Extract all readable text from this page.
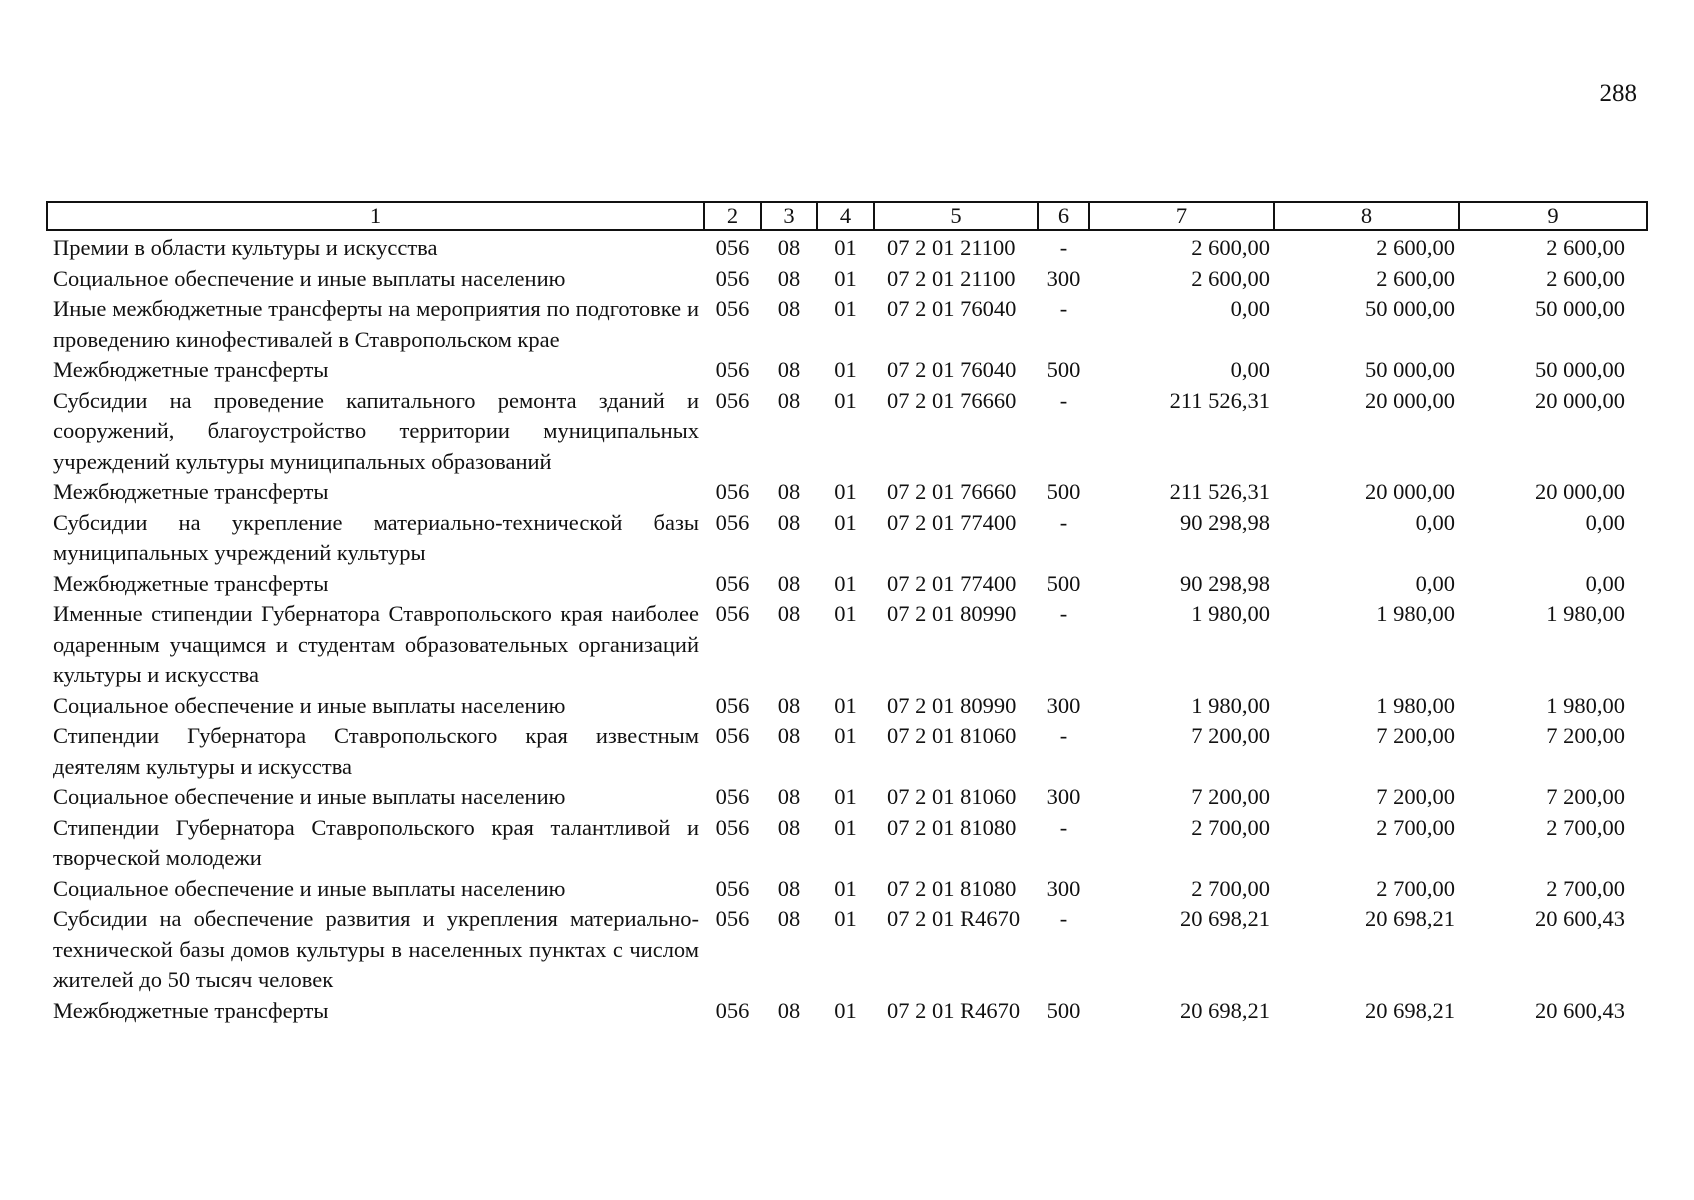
288
1	2	3	4	5	6	7	8	9
Премии в области культуры и искусства	056	08	01	07 2 01 21100	-	2 600,00	2 600,00	2 600,00
Социальное обеспечение и иные выплаты населению	056	08	01	07 2 01 21100	300	2 600,00	2 600,00	2 600,00
Иные межбюджетные трансферты на мероприятия по подготовке и проведению кинофестивалей в Ставропольском крае	056	08	01	07 2 01 76040	-	0,00	50 000,00	50 000,00
Межбюджетные трансферты	056	08	01	07 2 01 76040	500	0,00	50 000,00	50 000,00
Субсидии на проведение капитального ремонта зданий и сооружений, благоустройство территории муниципальных учреждений культуры муниципальных образований	056	08	01	07 2 01 76660	-	211 526,31	20 000,00	20 000,00
Межбюджетные трансферты	056	08	01	07 2 01 76660	500	211 526,31	20 000,00	20 000,00
Субсидии на укрепление материально-технической базы муниципальных учреждений культуры	056	08	01	07 2 01 77400	-	90 298,98	0,00	0,00
Межбюджетные трансферты	056	08	01	07 2 01 77400	500	90 298,98	0,00	0,00
Именные стипендии Губернатора Ставропольского края наиболее одаренным учащимся и студентам образовательных организаций культуры и искусства	056	08	01	07 2 01 80990	-	1 980,00	1 980,00	1 980,00
Социальное обеспечение и иные выплаты населению	056	08	01	07 2 01 80990	300	1 980,00	1 980,00	1 980,00
Стипендии Губернатора Ставропольского края известным деятелям культуры и искусства	056	08	01	07 2 01 81060	-	7 200,00	7 200,00	7 200,00
Социальное обеспечение и иные выплаты населению	056	08	01	07 2 01 81060	300	7 200,00	7 200,00	7 200,00
Стипендии Губернатора Ставропольского края талантливой и творческой молодежи	056	08	01	07 2 01 81080	-	2 700,00	2 700,00	2 700,00
Социальное обеспечение и иные выплаты населению	056	08	01	07 2 01 81080	300	2 700,00	2 700,00	2 700,00
Субсидии на обеспечение развития и укрепления материально-технической базы домов культуры в населенных пунктах с числом жителей до 50 тысяч человек	056	08	01	07 2 01 R4670	-	20 698,21	20 698,21	20 600,43
Межбюджетные трансферты	056	08	01	07 2 01 R4670	500	20 698,21	20 698,21	20 600,43
